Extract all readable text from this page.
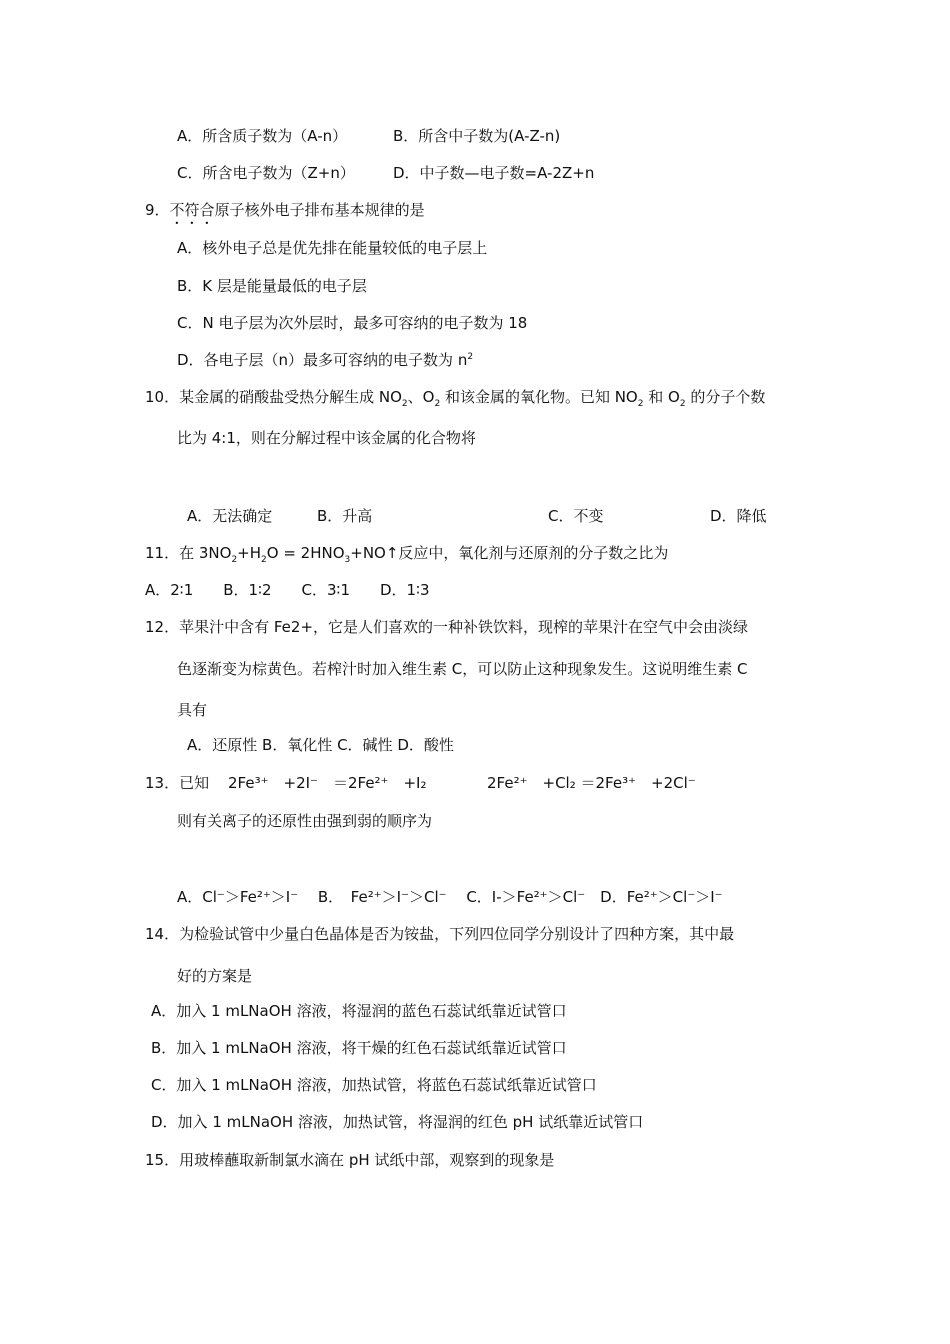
A．所含质子数为（A-n）	B．所含中子数为(A-Z-n)
C．所含电子数为（Z+n）	D．中子数—电子数=A-2Z+n
9．不符合原子核外电子排布基本规律的是
A．核外电子总是优先排在能量较低的电子层上
B．K 层是能量最低的电子层
C．N 电子层为次外层时，最多可容纳的电子数为 18
D．各电子层（n）最多可容纳的电子数为 $n^2$
10．某金属的硝酸盐受热分解生成 $NO_2$、$O_2$ 和该金属的氧化物。已知 $NO_2$ 和 $O_2$ 的分子个数
比为 4:1，则在分解过程中该金属的化合物将
A．无法确定	B．升高	C．不变	D．降低
11．在 $3NO_2+H_2O$ = $2HNO_3+NO↑$反应中，氧化剂与还原剂的分子数之比为
A．2∶1　　B．1∶2　　C．3∶1　　D．1∶3
12．苹果汁中含有 Fe2+，它是人们喜欢的一种补铁饮料，现榨的苹果汁在空气中会由淡绿
色逐渐变为棕黄色。若榨汁时加入维生素 C，可以防止这种现象发生。这说明维生素 C
具有
A．还原性 B．氧化性 C．碱性 D．酸性
13．已知 2Fe³⁺　+2I⁻　＝2Fe²⁺　+I₂	2Fe²⁺　+Cl₂ ＝2Fe³⁺　+2Cl⁻
则有关离子的还原性由强到弱的顺序为
A．Cl⁻＞Fe²⁺＞I⁻　 B．　Fe²⁺＞I⁻＞Cl⁻　 C．I-＞Fe²⁺＞Cl⁻　D．Fe²⁺＞Cl⁻＞I⁻
14．为检验试管中少量白色晶体是否为铵盐，下列四位同学分别设计了四种方案，其中最
好的方案是
A．加入 1 mLNaOH 溶液，将湿润的蓝色石蕊试纸靠近试管口
B．加入 1 mLNaOH 溶液，将干燥的红色石蕊试纸靠近试管口
C．加入 1 mLNaOH 溶液，加热试管，将蓝色石蕊试纸靠近试管口
D．加入 1 mLNaOH 溶液，加热试管，将湿润的红色 pH 试纸靠近试管口
15．用玻棒蘸取新制氯水滴在 pH 试纸中部，观察到的现象是
